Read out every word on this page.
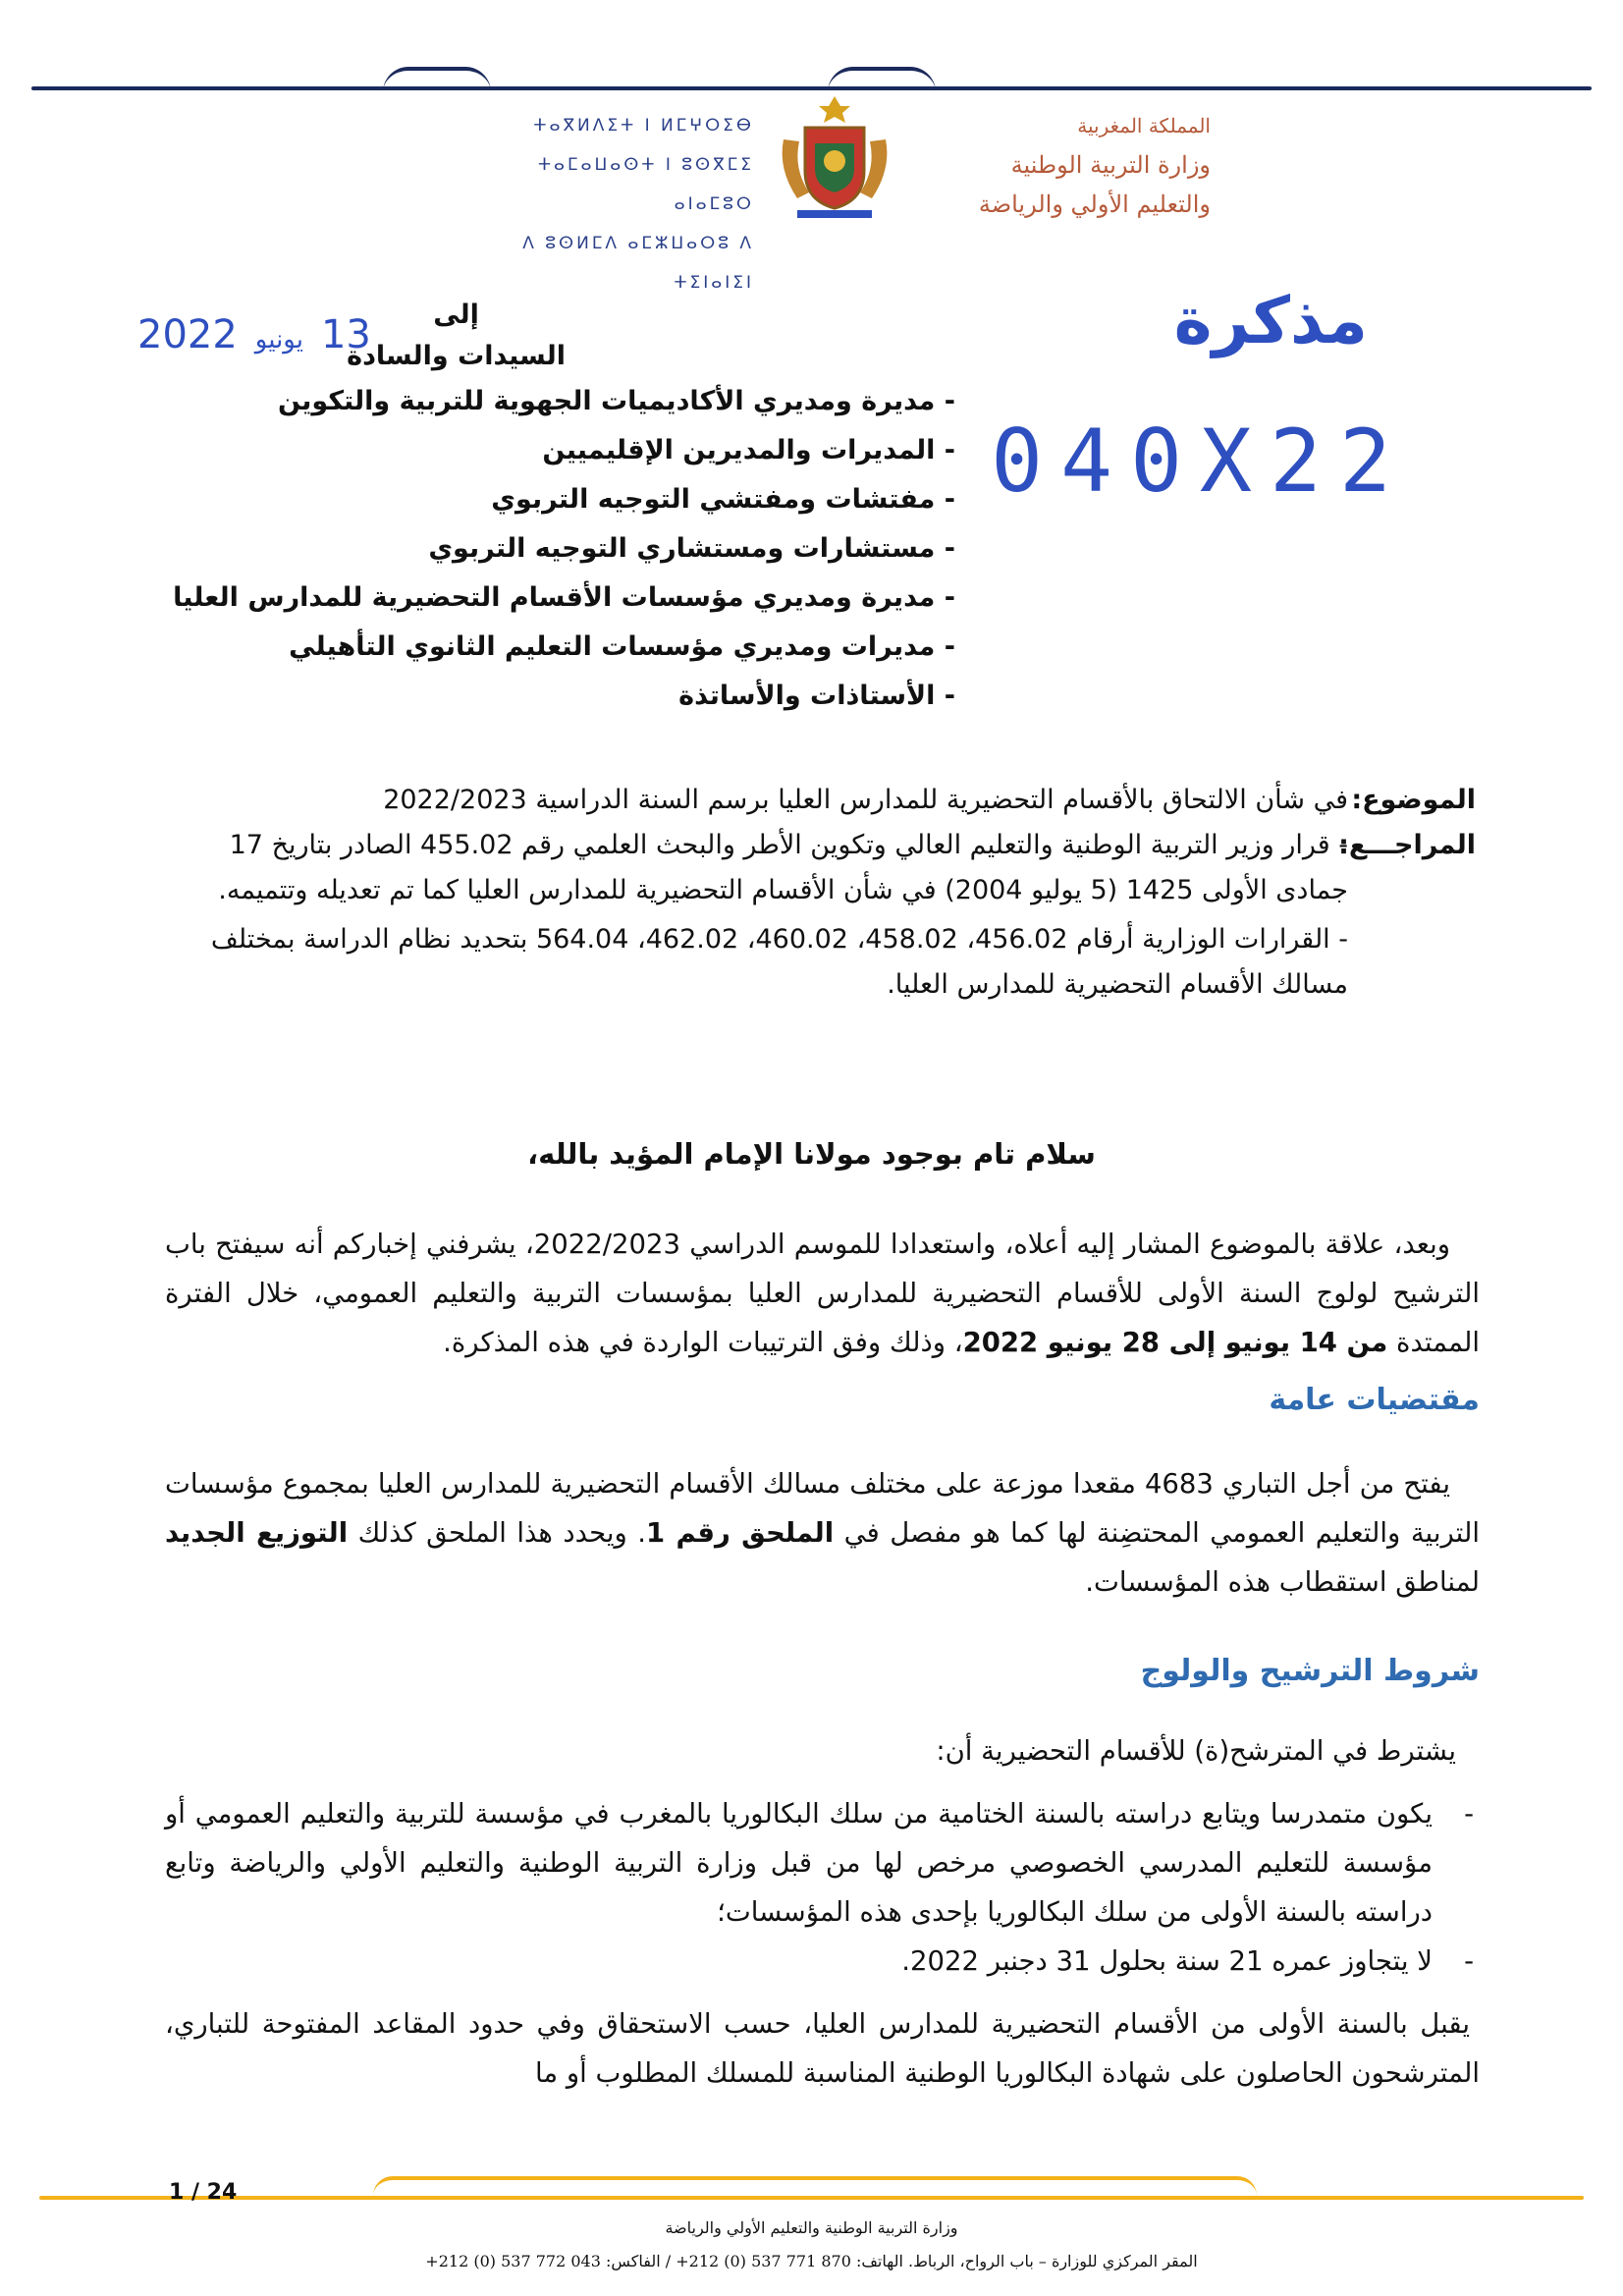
المملكة المغربية
وزارة التربية الوطنية
والتعليم الأولي والرياضة
ⵜⴰⴳⵍⴷⵉⵜ ⵏ ⵍⵎⵖⵔⵉⴱ
ⵜⴰⵎⴰⵡⴰⵙⵜ ⵏ ⵓⵙⴳⵎⵉ ⴰⵏⴰⵎⵓⵔ
ⴷ ⵓⵙⵍⵎⴷ ⴰⵎⵣⵡⴰⵔⵓ ⴷ ⵜⵉⵏⴰⵏⵉⵏ	مذكرة
040X22
2022 يونيو 13	إلى
السيدات والسادة
- مديرة ومديري الأكاديميات الجهوية للتربية والتكوين
- المديرات والمديرين الإقليميين
- مفتشات ومفتشي التوجيه التربوي
- مستشارات ومستشاري التوجيه التربوي
- مديرة ومديري مؤسسات الأقسام التحضيرية للمدارس العليا
- مديرات ومديري مؤسسات التعليم الثانوي التأهيلي
- الأستاذات والأساتذة
الموضوع:
في شأن الالتحاق بالأقسام التحضيرية للمدارس العليا برسم السنة الدراسية 2022/2023
المراجـــع:

- قرار وزير التربية الوطنية والتعليم العالي وتكوين الأطر والبحث العلمي رقم 455.02 الصادر بتاريخ 17 جمادى الأولى 1425 (5 يوليو 2004) في شأن الأقسام التحضيرية للمدارس العليا كما تم تعديله وتتميمه.

- القرارات الوزارية أرقام 456.02، 458.02، 460.02، 462.02، 564.04 بتحديد نظام الدراسة بمختلف مسالك الأقسام التحضيرية للمدارس العليا.

سلام تام بوجود مولانا الإمام المؤيد بالله،

وبعد، علاقة بالموضوع المشار إليه أعلاه، واستعدادا للموسم الدراسي 2022/2023، يشرفني إخباركم أنه سيفتح باب الترشيح لولوج السنة الأولى للأقسام التحضيرية للمدارس العليا بمؤسسات التربية والتعليم العمومي، خلال الفترة الممتدة من 14 يونيو إلى 28 يونيو 2022، وذلك وفق الترتيبات الواردة في هذه المذكرة.

مقتضيات عامة

يفتح من أجل التباري 4683 مقعدا موزعة على مختلف مسالك الأقسام التحضيرية للمدارس العليا بمجموع مؤسسات التربية والتعليم العمومي المحتضِنة لها كما هو مفصل في الملحق رقم 1. ويحدد هذا الملحق كذلك التوزيع الجديد لمناطق استقطاب هذه المؤسسات.

شروط الترشيح والولوج

يشترط في المترشح(ة) للأقسام التحضيرية أن:

- يكون متمدرسا ويتابع دراسته بالسنة الختامية من سلك البكالوريا بالمغرب في مؤسسة للتربية والتعليم العمومي أو مؤسسة للتعليم المدرسي الخصوصي مرخص لها من قبل وزارة التربية الوطنية والتعليم الأولي والرياضة وتابع دراسته بالسنة الأولى من سلك البكالوريا بإحدى هذه المؤسسات؛
- لا يتجاوز عمره 21 سنة بحلول 31 دجنبر 2022.

يقبل بالسنة الأولى من الأقسام التحضيرية للمدارس العليا، حسب الاستحقاق وفي حدود المقاعد المفتوحة للتباري، المترشحون الحاصلون على شهادة البكالوريا الوطنية المناسبة للمسلك المطلوب أو ما

1 / 24
وزارة التربية الوطنية والتعليم الأولي والرياضة
المقر المركزي للوزارة – باب الرواح، الرباط. الهاتف: 870 771 537 (0) 212+ / الفاكس: 043 772 537 (0) 212+
